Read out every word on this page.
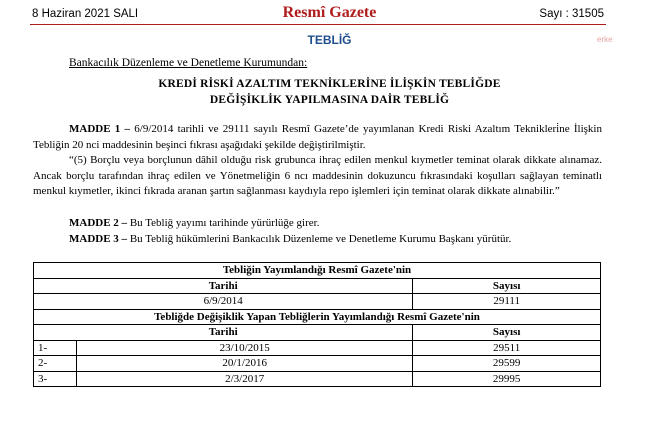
8 Haziran 2021 SALI	Resmî Gazete	Sayı : 31505
TEBLİĞ	erke
Bankacılık Düzenleme ve Denetleme Kurumundan:
KREDİ RİSKİ AZALTIM TEKNİKLERİNE İLİŞKİN TEBLİĞDE
DEĞİŞİKLİK YAPILMASINA DAİR TEBLİĞ
MADDE 1 – 6/9/2014 tarihli ve 29111 sayılı Resmî Gazete’de yayımlanan Kredi Riski Azaltım Teknikleri̇ne İlişkin Tebliğin 20 nci maddesinin beşinci fıkrası aşağıdaki şekilde değiştirilmiştir.
“(5) Borçlu veya borçlunun dâhil olduğu risk grubunca ihraç edilen menkul kıymetler teminat olarak dikkate alınamaz. Ancak borçlu tarafından ihraç edilen ve Yönetmeliğin 6 ncı maddesinin dokuzuncu fıkrasındaki koşulları sağlayan teminatlı menkul kıymetler, ikinci fıkrada aranan şartın sağlanması kaydıyla repo işlemleri için teminat olarak dikkate alınabilir.”
MADDE 2 – Bu Tebliğ yayımı tarihinde yürürlüğe girer.
MADDE 3 – Bu Tebliğ hükümlerini Bankacılık Düzenleme ve Denetleme Kurumu Başkanı yürütür.
Tebliğin Yayımlandığı Resmî Gazete'nin		
Tarihi		Sayısı
6/9/2014		29111
Tebliğde Değişiklik Yapan Tebliğlerin Yayımlandığı Resmî Gazete'nin		
Tarihi		Sayısı
1-	23/10/2015	29511
2-	20/1/2016	29599
3-	2/3/2017	29995
